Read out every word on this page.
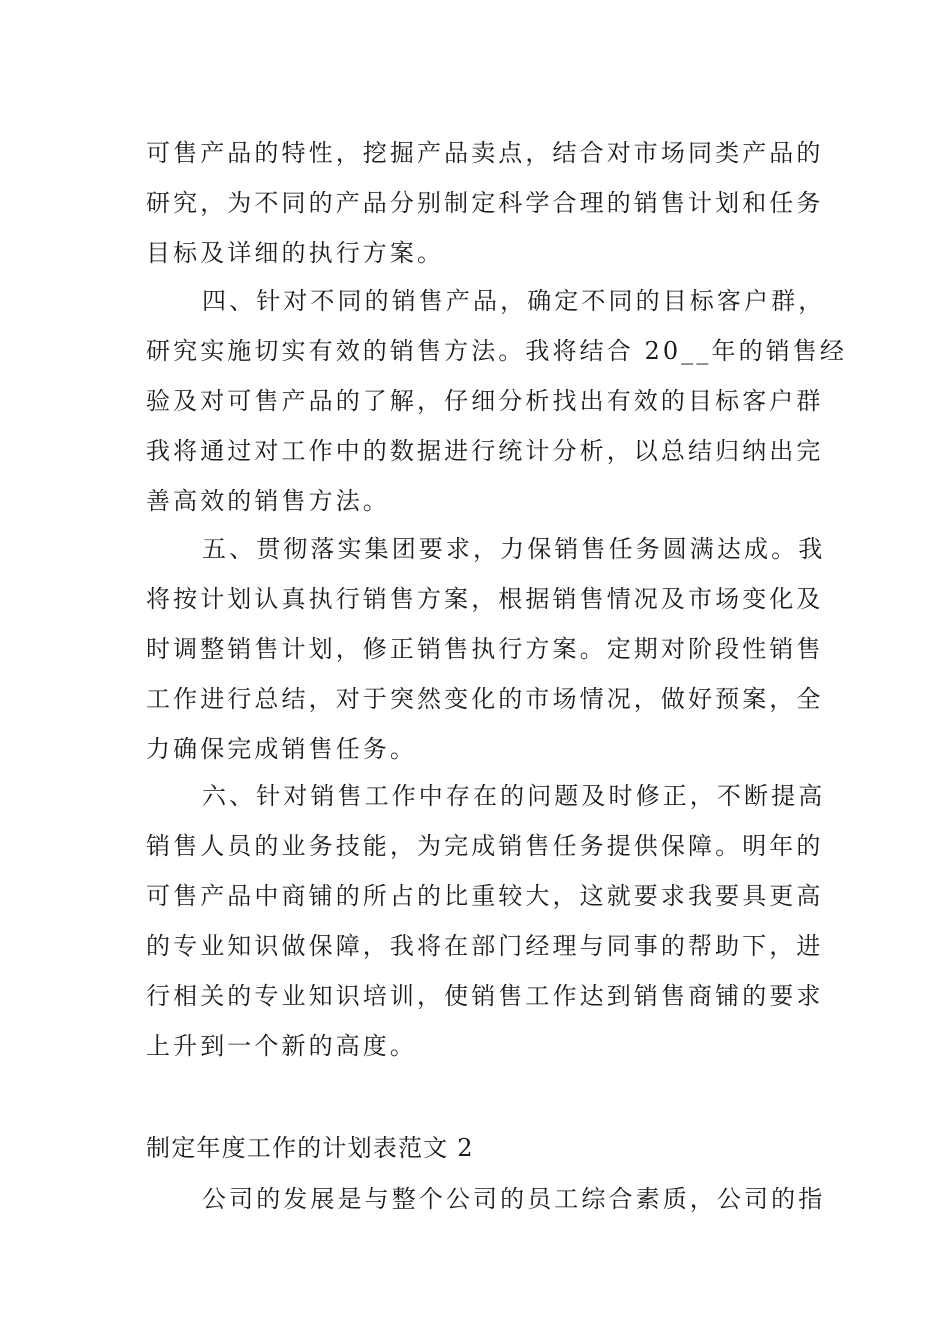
可售产品的特性，挖掘产品卖点，结合对市场同类产品的
研究，为不同的产品分别制定科学合理的销售计划和任务
目标及详细的执行方案。
四、针对不同的销售产品，确定不同的目标客户群，
研究实施切实有效的销售方法。我将结合 20__年的销售经
验及对可售产品的了解，仔细分析找出有效的目标客户群
我将通过对工作中的数据进行统计分析，以总结归纳出完
善高效的销售方法。
五、贯彻落实集团要求，力保销售任务圆满达成。我
将按计划认真执行销售方案，根据销售情况及市场变化及
时调整销售计划，修正销售执行方案。定期对阶段性销售
工作进行总结，对于突然变化的市场情况，做好预案，全
力确保完成销售任务。
六、针对销售工作中存在的问题及时修正，不断提高
销售人员的业务技能，为完成销售任务提供保障。明年的
可售产品中商铺的所占的比重较大，这就要求我要具更高
的专业知识做保障，我将在部门经理与同事的帮助下，进
行相关的专业知识培训，使销售工作达到销售商铺的要求
上升到一个新的高度。
制定年度工作的计划表范文 2
公司的发展是与整个公司的员工综合素质，公司的指
